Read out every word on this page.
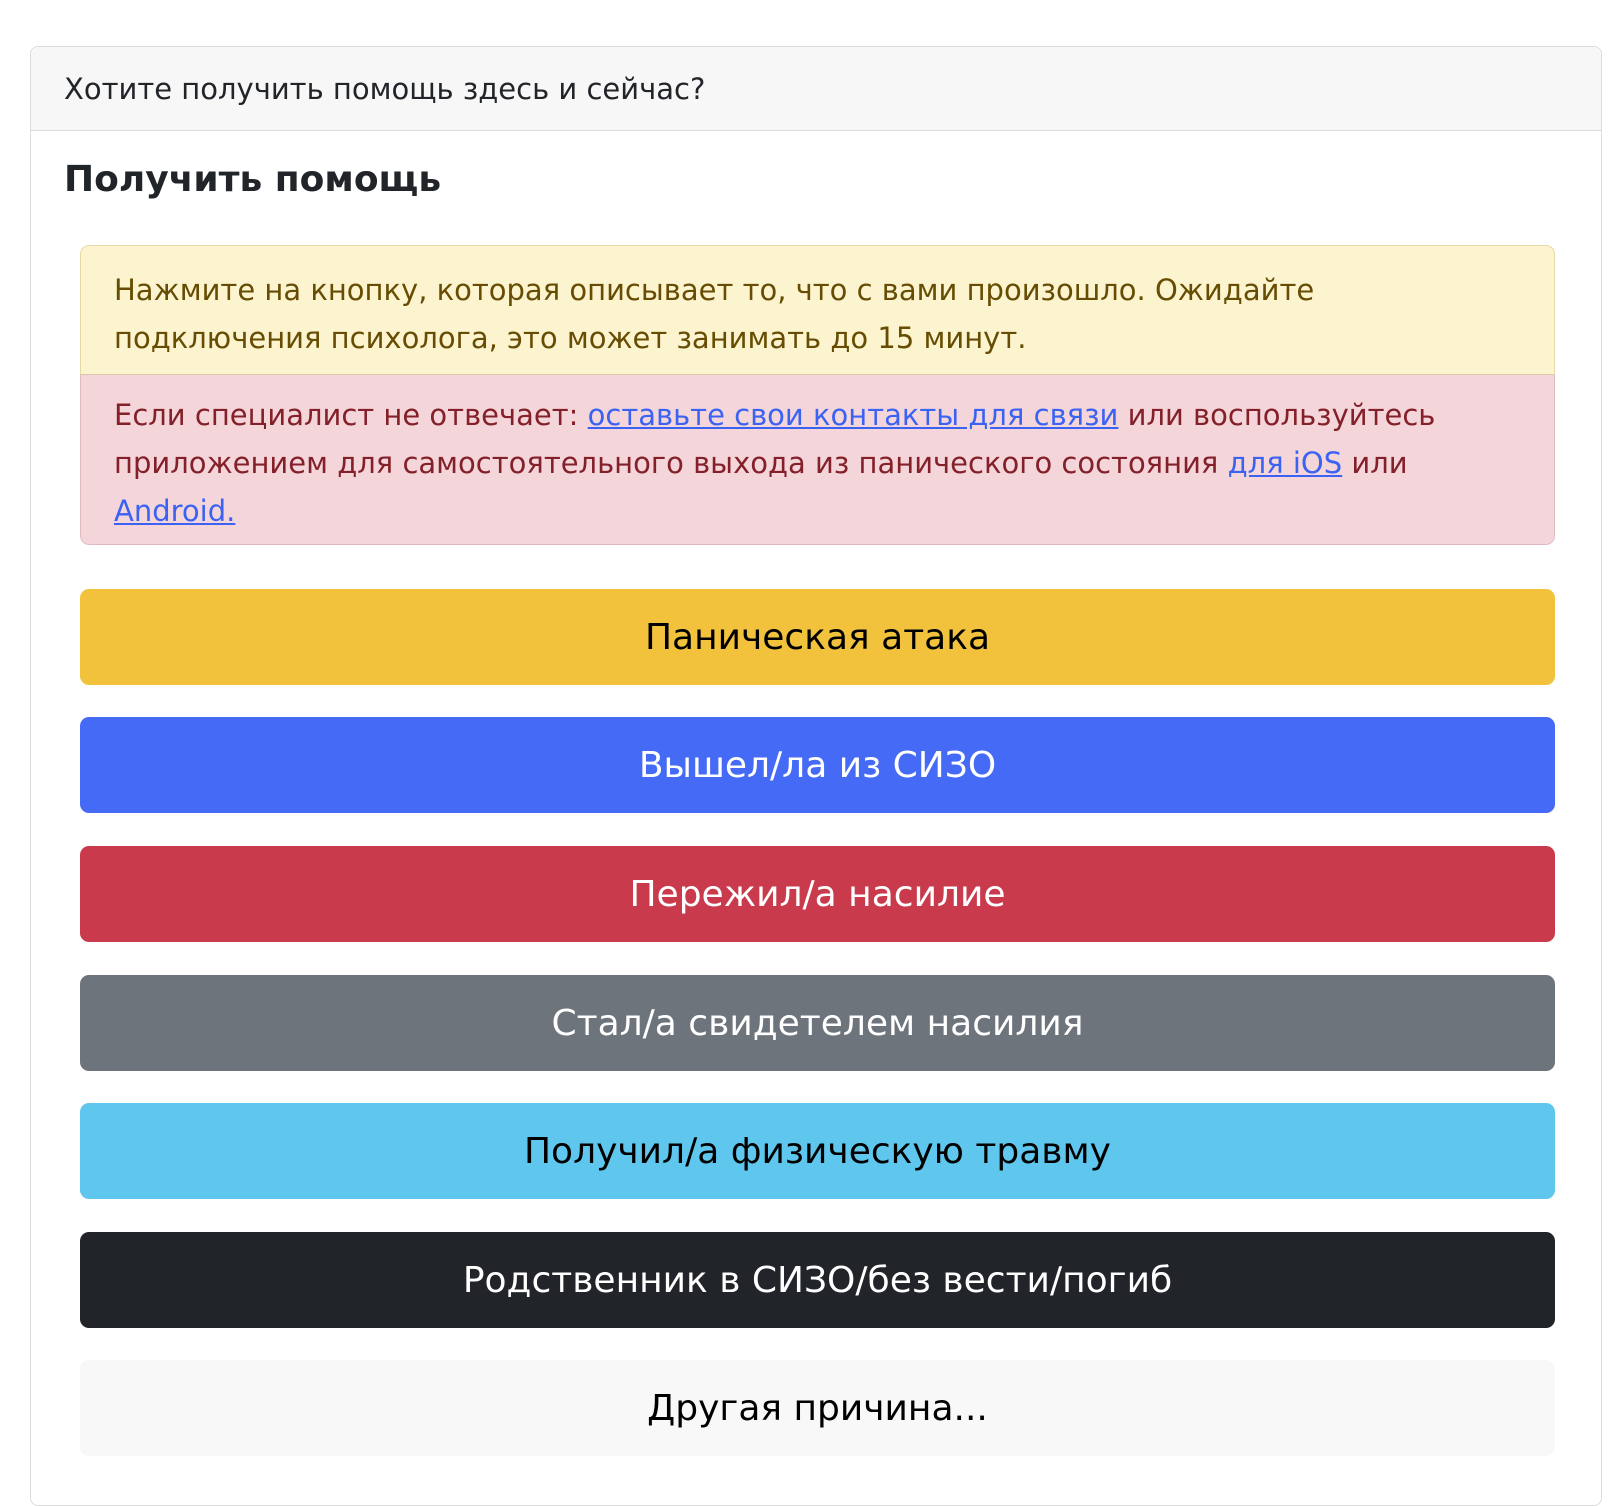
Хотите получить помощь здесь и сейчас?
Получить помощь
Нажмите на кнопку, которая описывает то, что с вами произошло. Ожидайте подключения психолога, это может занимать до 15 минут.
Если специалист не отвечает: оставьте свои контакты для связи или воспользуйтесь приложением для самостоятельного выхода из панического состояния для iOS или Android.
Паническая атака
Вышел/ла из СИЗО
Пережил/а насилие
Стал/а свидетелем насилия
Получил/а физическую травму
Родственник в СИЗО/без вести/погиб
Другая причина...
